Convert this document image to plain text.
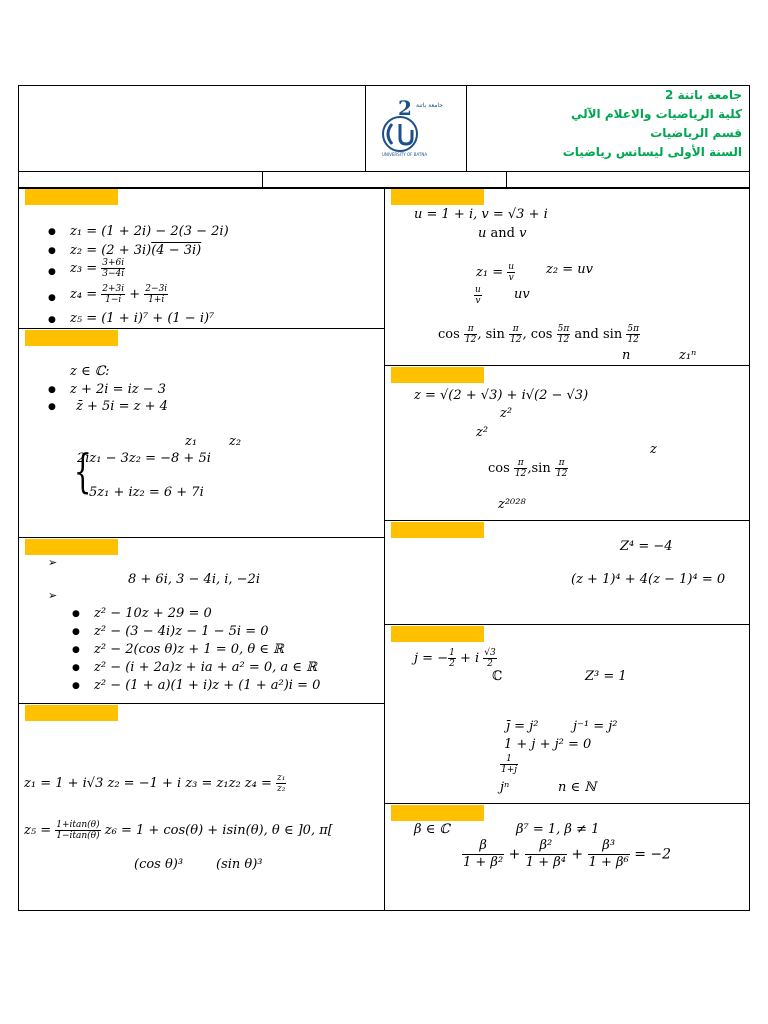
2 جامعة باتنة
UNIVERSITY OF BATNA
جامعة باتنة 2
كلية الرياضيات والاعلام الآلي
قسم الرياضيات
السنة الأولى ليسانس رياضيات
● z₁ = (1 + 2i) − 2(3 − 2i)
● z₂ = (2 + 3i)(4 − 3i)
● $z_3 = \frac{3+6i}{3-4i}$
● $z_4 = \frac{2+3i}{1-i} + \frac{2-3i}{1+i}$
● z₅ = (1 + i)⁷ + (1 − i)⁷
z ∈ ℂ:
● z + 2i = iz − 3
● z̄ + 5i = z + 4
z₁ z₂
{
2iz₁ − 3z₂ = −8 + 5i
5z₁ + iz₂ = 6 + 7i
➢
8 + 6i, 3 − 4i, i, −2i
➢
● z² − 10z + 29 = 0
● z² − (3 − 4i)z − 1 − 5i = 0
● z² − 2(cos θ)z + 1 = 0, θ ∈ ℝ
● z² − (i + 2a)z + ia + a² = 0, a ∈ ℝ
● z² − (1 + a)(1 + i)z + (1 + a²)i = 0
z₁ = 1 + i√3 z₂ = −1 + i z₃ = z₁z₂ $z_4 = \frac{\text{z₁}}{\text{z₂}}$
$z_5 = \frac{1+itan(\theta)}{1-itan(\theta)} z_6 = 1 + \cos(\theta) + isin(\theta)$, θ ∈ ]0, π[
(cos θ)³	(sin θ)³
u = 1 + i, v = √3 + i
u and v
$z_1 = \frac{u}{v} z_2$ = uv
$\frac{u}{v}$ uv
$\cos \frac{\pi}{12}$ , $\sin \frac{\pi}{12}$ , $\cos \frac{5\pi}{12}$ and $\sin \frac{5\pi}{12}$
n	z₁ⁿ
z = √(2 + √3) + i√(2 − √3)
z²
z²
z
$\cos \frac{\pi}{12} ,\sin \frac{\pi}{12}$
z²⁰²⁸
Z⁴ = −4
(z + 1)⁴ + 4(z − 1)⁴ = 0
j = − $\frac{1}{2} + i \frac{√3}{2}$
ℂ	Z³ = 1
j̄ = j²	j⁻¹ = j²
1 + j + j² = 0
$\frac{1}{1+j}$
jⁿ	n ∈ ℕ
β ∈ ℂ	β⁷ = 1, β ≠ 1
$\frac{\beta}{\text{1 + β²}} + \frac{\text{β²}}{\text{1 + β⁴}} + \frac{\text{β³}}{\text{1 + β⁶}} = -2$
